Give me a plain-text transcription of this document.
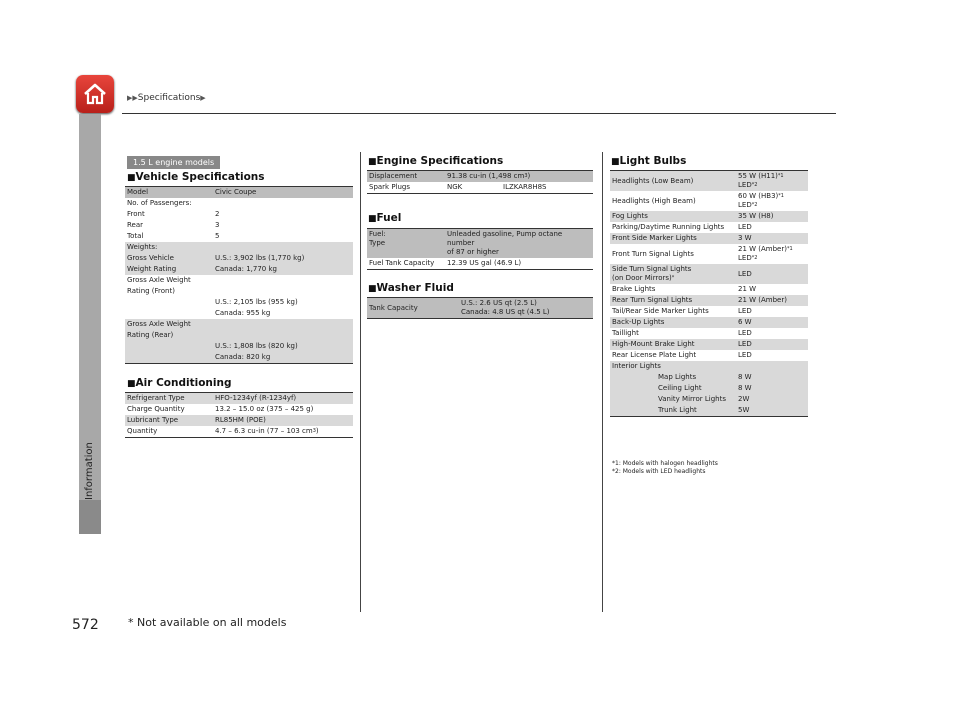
▶▶Specifications▶
Information
572	* Not available on all models
1.5 L engine models
■Vehicle Specifications
Model	Civic Coupe
No. of Passengers:	
Front	2
Rear	3
Total	5
Weights:	
Gross Vehicle	U.S.: 3,902 lbs (1,770 kg)
Weight Rating	Canada: 1,770 kg
Gross Axle Weight	
Rating (Front)	
	U.S.: 2,105 lbs (955 kg)
	Canada: 955 kg
Gross Axle Weight	
Rating (Rear)	
	U.S.: 1,808 lbs (820 kg)
	Canada: 820 kg
■Air Conditioning
Refrigerant Type	HFO-1234yf (R-1234yf)
Charge Quantity	13.2 – 15.0 oz (375 – 425 g)
Lubricant Type	RL85HM (POE)
Quantity	4.7 – 6.3 cu-in (77 – 103 $cm^3$)
■Engine Specifications
Displacement	91.38 cu-in (1,498 $cm^3$)	
Spark Plugs	NGK	ILZKAR8H8S
■Fuel
Fuel:
Type	Unleaded gasoline, Pump octane number
of 87 or higher
Fuel Tank Capacity	12.39 US gal (46.9 L)
■Washer Fluid
Tank Capacity	U.S.: 2.6 US qt (2.5 L)
Canada: 4.8 US qt (4.5 L)
■Light Bulbs
Headlights (Low Beam)	55 W $(H11)^{*1}$
LED$^{*2}$
Headlights (High Beam)	60 W $(HB3)^{*1}$
LED$^{*2}$
Fog Lights	35 W (H8)
Parking/Daytime Running Lights	LED
Front Side Marker Lights	3 W
Front Turn Signal Lights	21 W (Amber)$^{*1}$
LED$^{*2}$
Side Turn Signal Lights
(on Door Mirrors)*	LED
Brake Lights	21 W
Rear Turn Signal Lights	21 W (Amber)
Tail/Rear Side Marker Lights	LED
Back-Up Lights	6 W
Taillight	LED
High-Mount Brake Light	LED
Rear License Plate Light	LED
Interior Lights	
Map Lights	8 W
Ceiling Light	8 W
Vanity Mirror Lights	2W
Trunk Light	5W
*1: Models with halogen headlights
*2: Models with LED headlights
